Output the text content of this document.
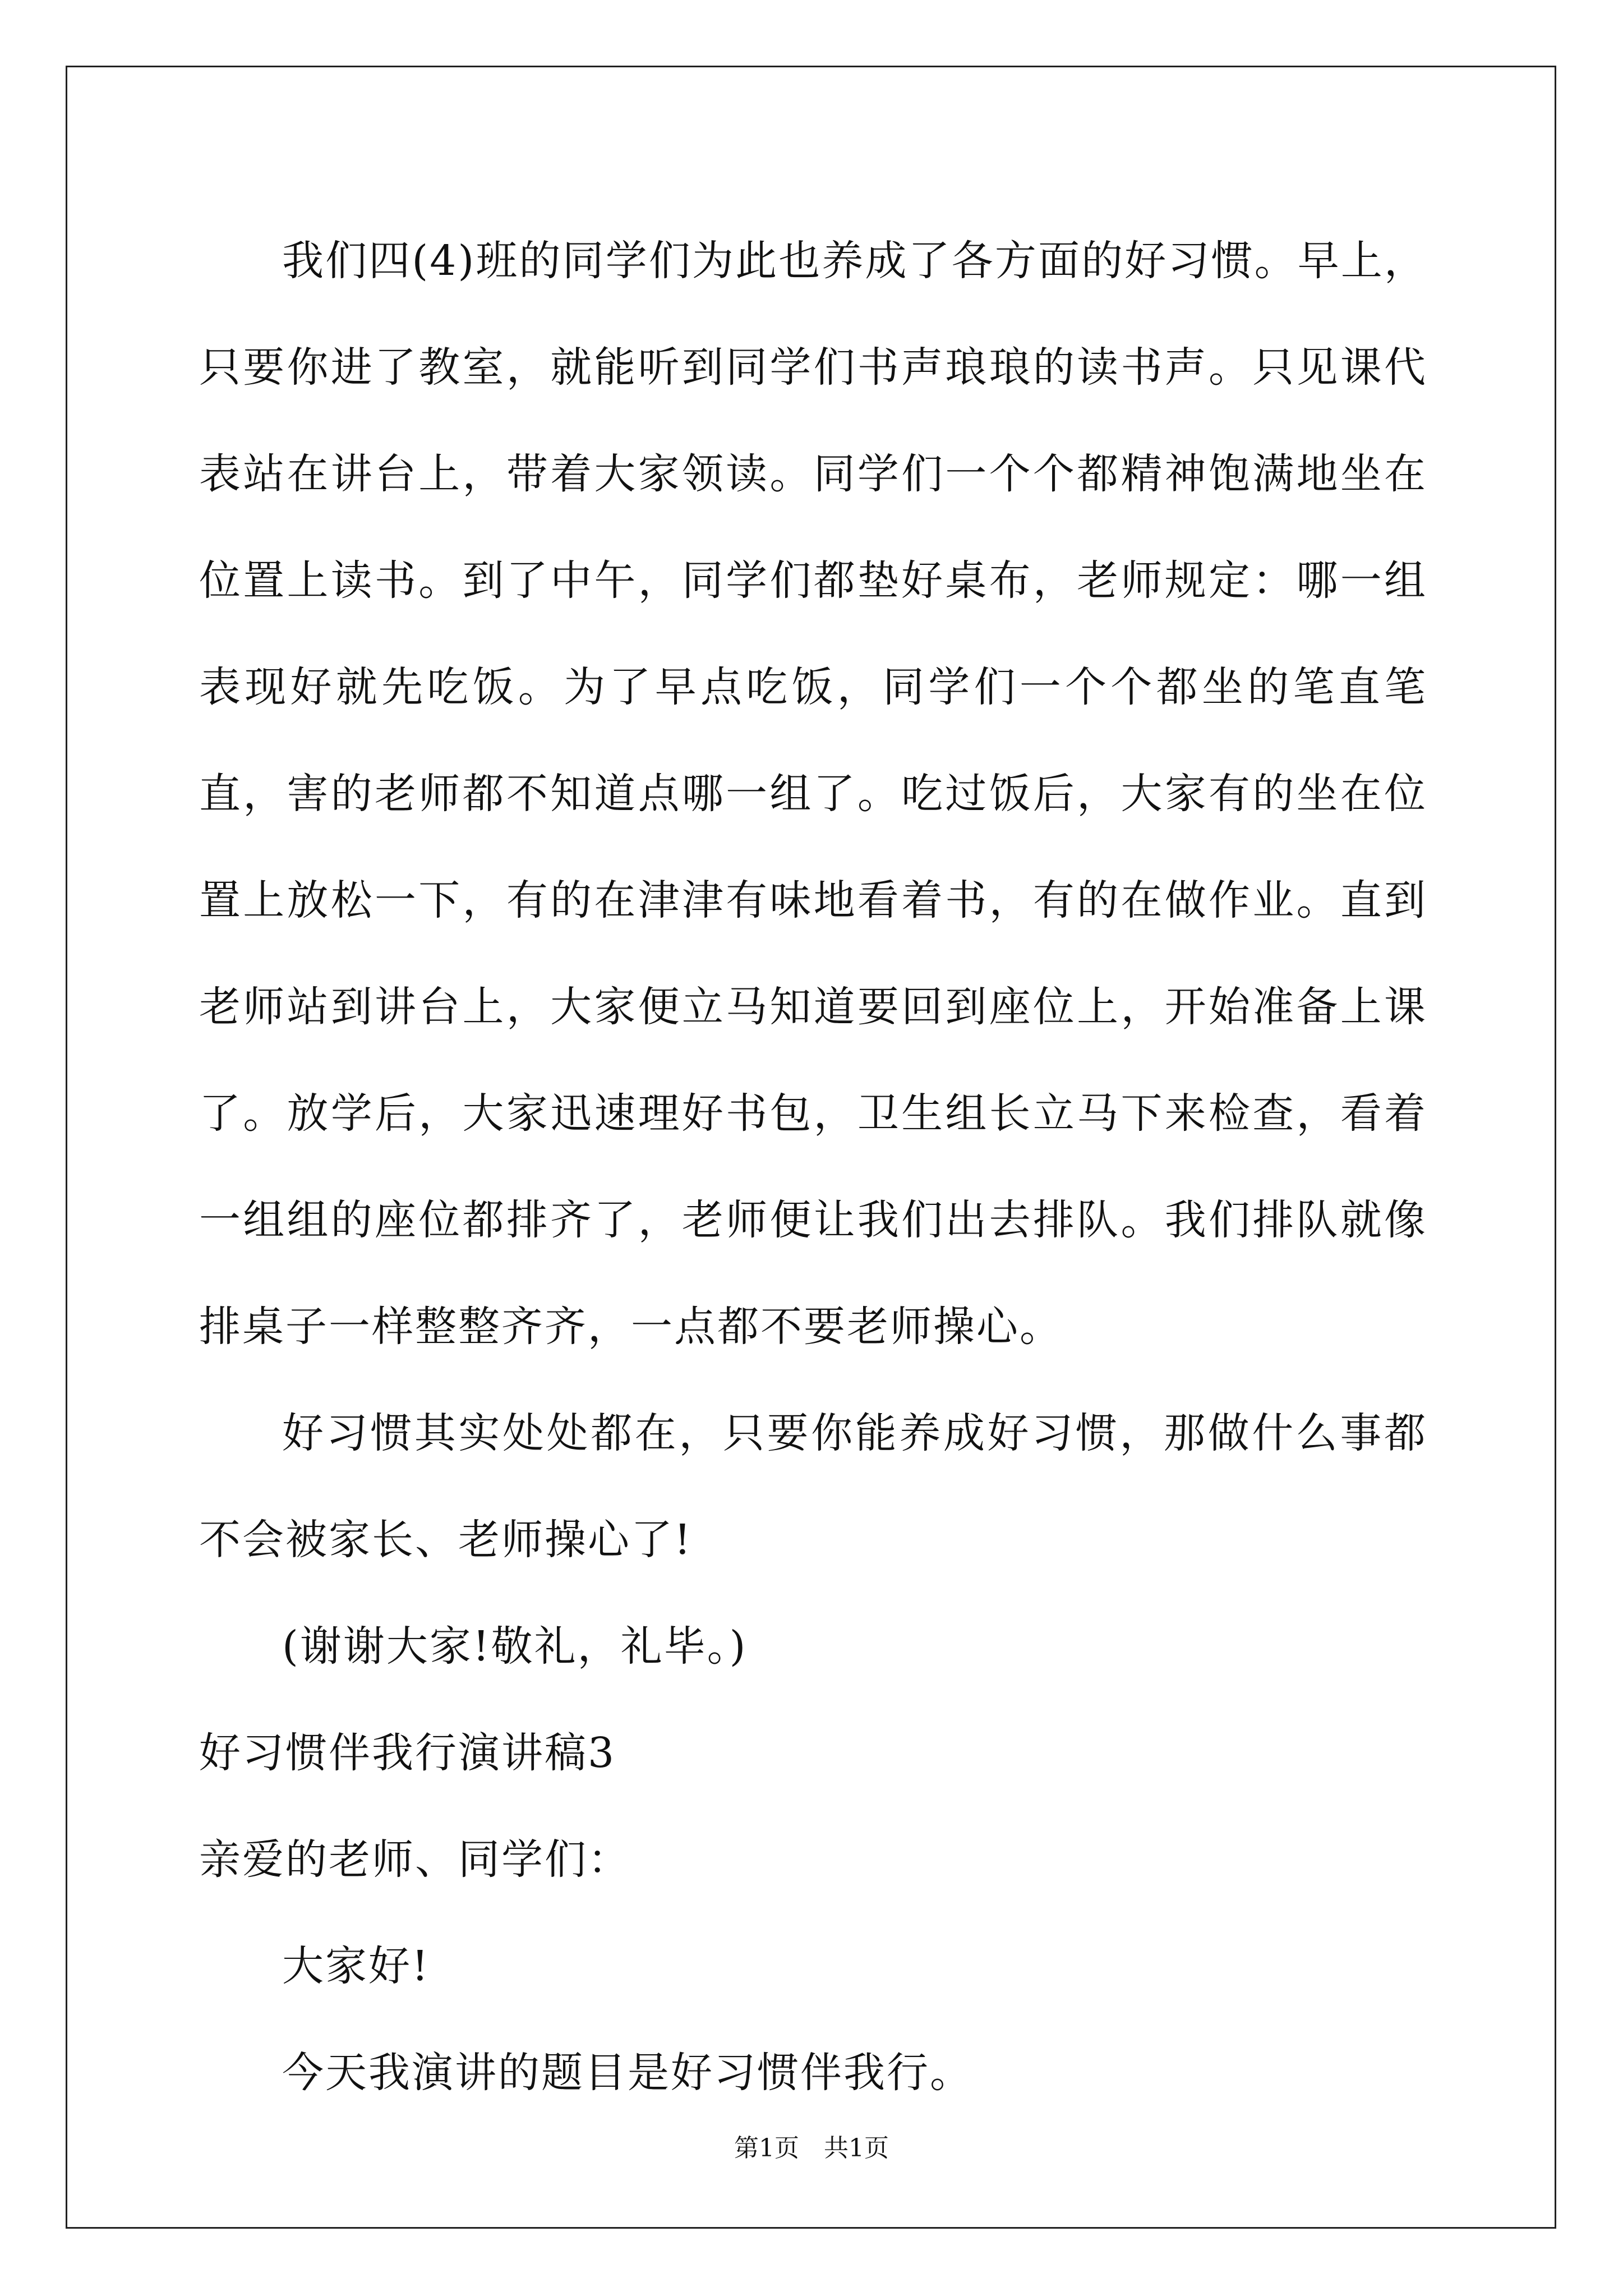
我们四(4)班的同学们为此也养成了各方面的好习惯。早上，只要你进了教室，就能听到同学们书声琅琅的读书声。只见课代表站在讲台上，带着大家领读。同学们一个个都精神饱满地坐在位置上读书。到了中午，同学们都垫好桌布，老师规定：哪一组表现好就先吃饭。为了早点吃饭，同学们一个个都坐的笔直笔直，害的老师都不知道点哪一组了。吃过饭后，大家有的坐在位置上放松一下，有的在津津有味地看着书，有的在做作业。直到老师站到讲台上，大家便立马知道要回到座位上，开始准备上课了。放学后，大家迅速理好书包，卫生组长立马下来检查，看着一组组的座位都排齐了，老师便让我们出去排队。我们排队就像排桌子一样整整齐齐，一点都不要老师操心。

好习惯其实处处都在，只要你能养成好习惯，那做什么事都不会被家长、老师操心了!

(谢谢大家!敬礼，礼毕。)

好习惯伴我行演讲稿3

亲爱的老师、同学们：

大家好!

今天我演讲的题目是好习惯伴我行。

第1页　共1页
